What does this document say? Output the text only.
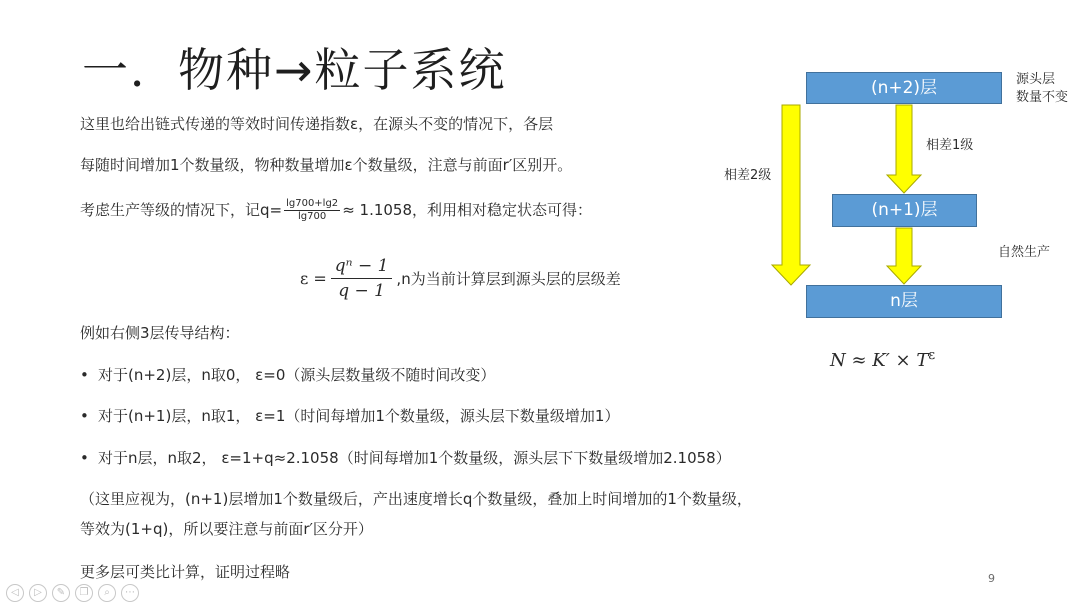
一．物种→粒子系统
这里也给出链式传递的等效时间传递指数ε，在源头不变的情况下，各层
每随时间增加1个数量级，物种数量增加ε个数量级，注意与前面r′区别开。
考虑生产等级的情况下，记$q= \frac{\lg 700+\lg 2}{\lg 700} \approx 1.1058$，利用相对稳定状态可得：
$\varepsilon = \frac{\text{qⁿ − 1}}{q - 1} ,n$为当前计算层到源头层的层级差
例如右侧3层传导结构：
• 对于(n+2)层，n取0， ε=0（源头层数量级不随时间改变）
• 对于(n+1)层，n取1， ε=1（时间每增加1个数量级，源头层下数量级增加1）
• 对于n层，n取2， ε=1+q≈2.1058（时间每增加1个数量级，源头层下下数量级增加2.1058）
（这里应视为，(n+1)层增加1个数量级后，产出速度增长q个数量级，叠加上时间增加的1个数量级，
等效为(1+q)，所以要注意与前面r′区分开）
更多层可类比计算，证明过程略	9
(n+2)层
(n+1)层
n层
源头层
数量不变
相差1级
相差2级
自然生产
$N \approx K' \times T^\varepsilon$
◁	▷	✎	❐	⌕	⋯
